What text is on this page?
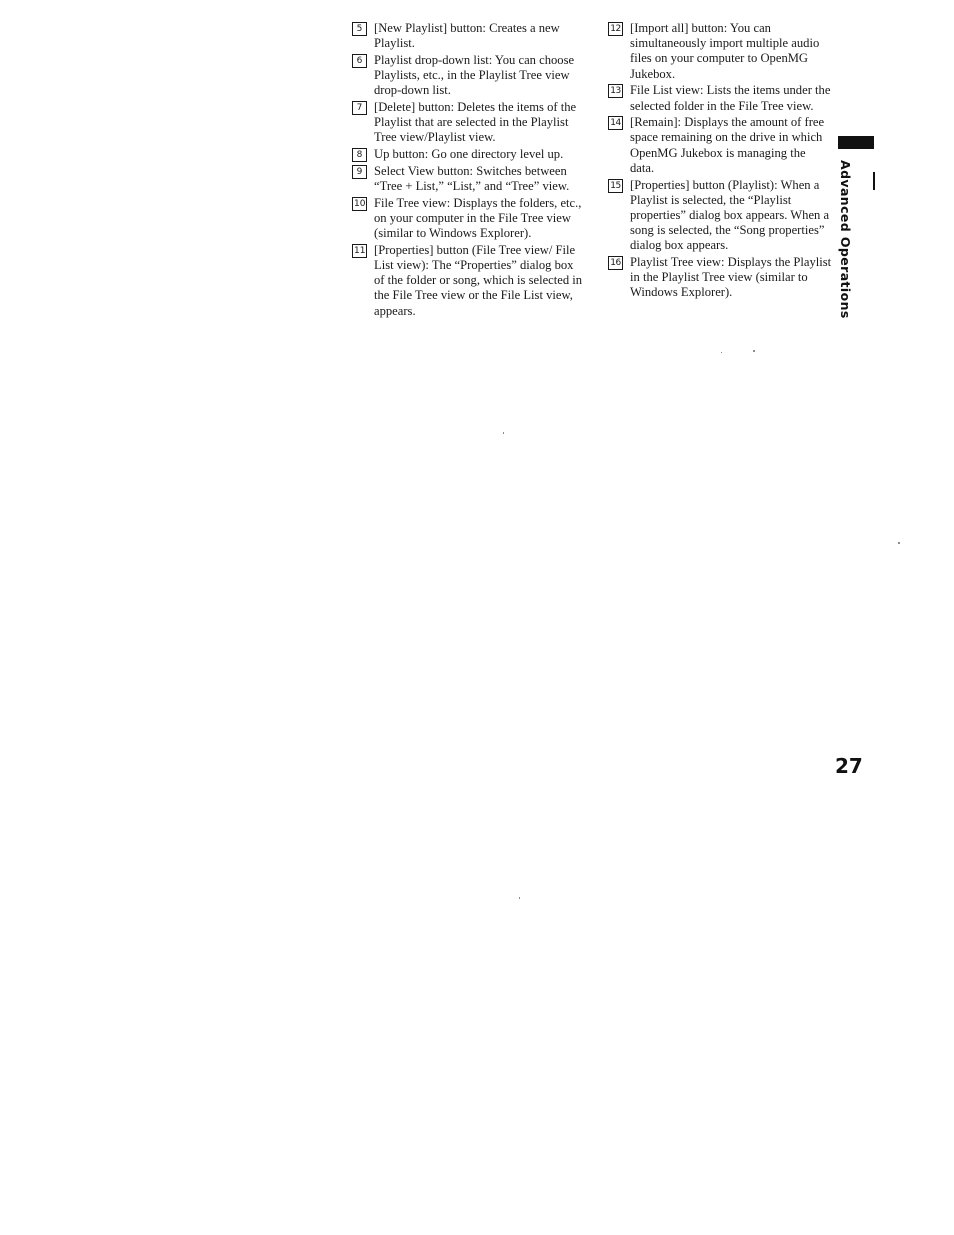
5 [New Playlist] button: Creates a new Playlist.
6 Playlist drop-down list: You can choose Playlists, etc., in the Playlist Tree view drop-down list.
7 [Delete] button: Deletes the items of the Playlist that are selected in the Playlist Tree view/Playlist view.
8 Up button: Go one directory level up.
9 Select View button: Switches between “Tree + List,” “List,” and “Tree” view.
10 File Tree view: Displays the folders, etc., on your computer in the File Tree view (similar to Windows Explorer).
11 [Properties] button (File Tree view/ File List view): The “Properties” dialog box of the folder or song, which is selected in the File Tree view or the File List view, appears.
12 [Import all] button: You can simultaneously import multiple audio files on your computer to OpenMG Jukebox.
13 File List view: Lists the items under the selected folder in the File Tree view.
14 [Remain]: Displays the amount of free space remaining on the drive in which OpenMG Jukebox is managing the data.
15 [Properties] button (Playlist): When a Playlist is selected, the “Playlist properties” dialog box appears. When a song is selected, the “Song properties” dialog box appears.
16 Playlist Tree view: Displays the Playlist in the Playlist Tree view (similar to Windows Explorer).	Advanced Operations
27
